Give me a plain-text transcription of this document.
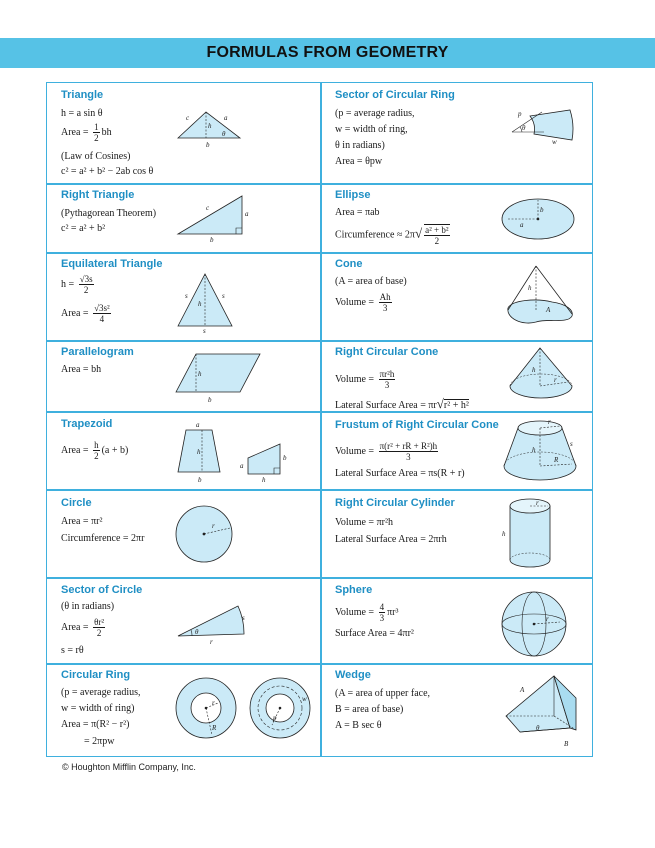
FORMULAS FROM GEOMETRY
Triangle
h = a sin θ
Area = $\frac{1}{2}$ bh
(Law of Cosines)
c² = a² + b² − 2ab cos θ
c	a
h
θ
b
Right Triangle
(Pythagorean Theorem)
c² = a² + b²
c
a
b
Equilateral Triangle
$h = \frac{√3s}{2}$
Area = $\frac{\text{√3s²}}{4}$
s	s
h
s
Parallelogram
Area = bh	h
b
Trapezoid
Area = $\frac{h}{2} (a + b)$
a
h
b
a
b
h
Circle
Area = πr²
Circumference = 2πr
r
Sector of Circle
(θ in radians)
Area = $\frac{\text{θr²}}{2}$
s = rθ
θ
s
r
Circular Ring
(p = average radius,
w = width of ring)
Area = π(R² − r²)
= 2πpw
r
R
p
w
Sector of Circular Ring
(p = average radius,
w = width of ring,
θ in radians)
Area = θpw
θ
p
w
Ellipse
Area = πab
Circumference ≈ $2\pi√ \frac{\text{a² + b²}}{2}$
b
a
Cone
(A = area of base)
Volume = $\frac{Ah}{3}$
h
A
Right Circular Cone
Volume = $\frac{\text{πr²h}}{3}$
Lateral Surface Area = πr√r² + h²
h
r
Frustum of Right Circular Cone
Volume = $\frac{\text{π(r² + rR + R²)h}}{3}$
Lateral Surface Area = πs(R + r)
r
h
R
s
Right Circular Cylinder
Volume = πr²h
Lateral Surface Area = 2πrh
r
h
Sphere
Volume = $\frac{4}{3} \pi r^3$
Surface Area = 4πr²
r
Wedge
(A = area of upper face,
B = area of base)
A = B sec θ
A
θ
B
© Houghton Mifflin Company, Inc.
